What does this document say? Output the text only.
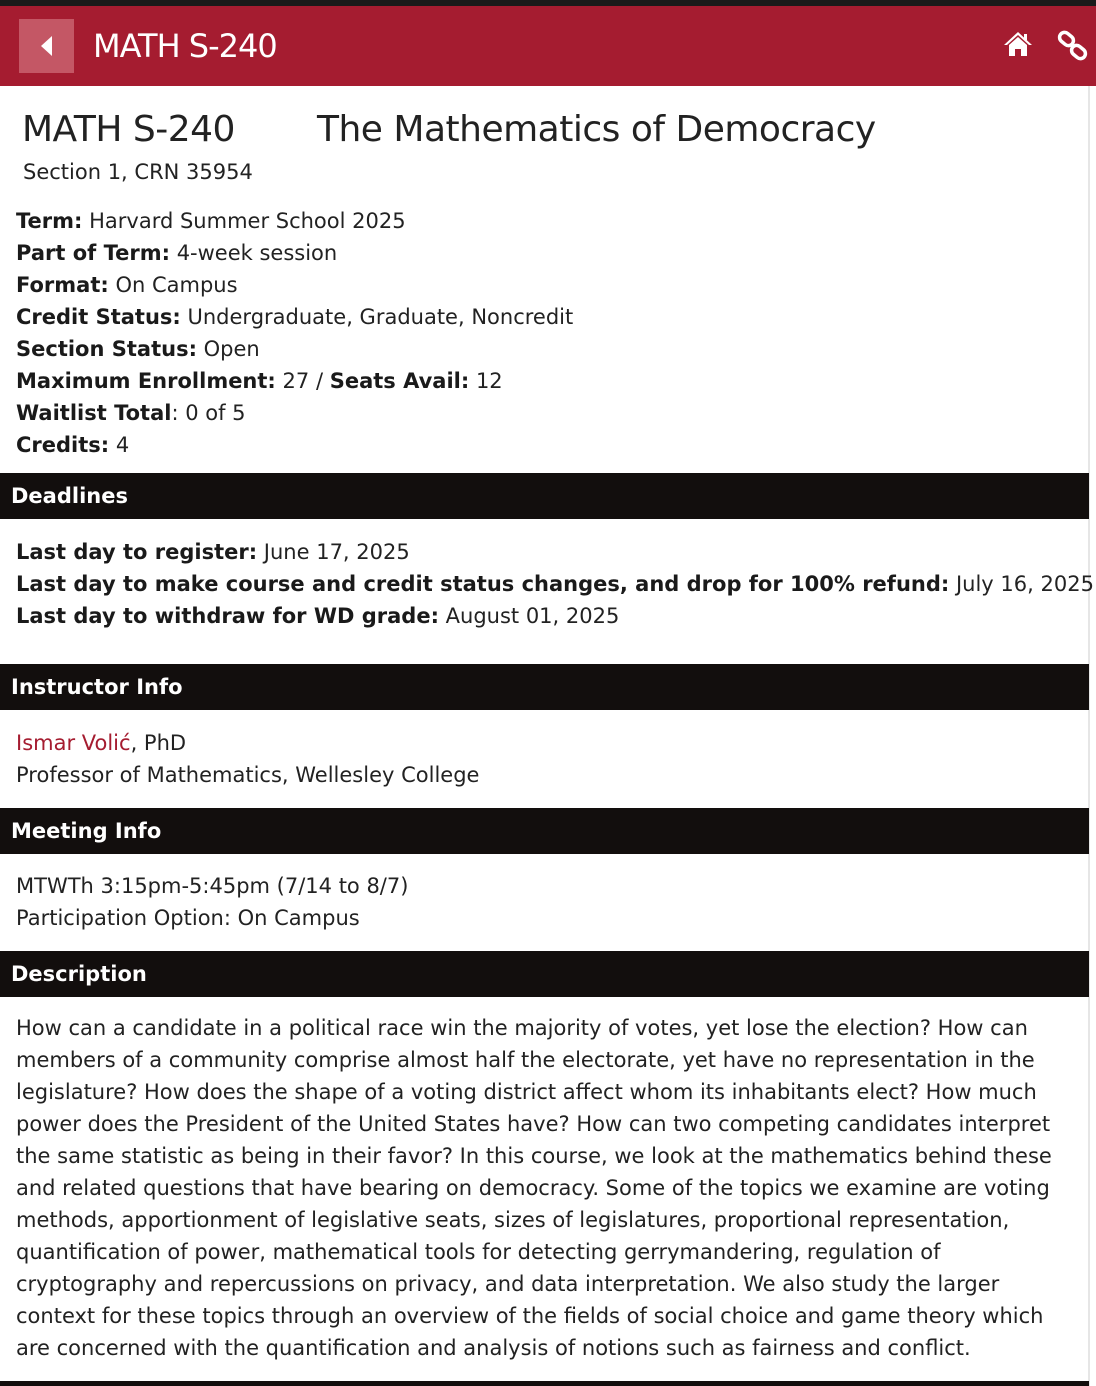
MATH S-240
MATH S-240 The Mathematics of Democracy
Section 1, CRN 35954
Term: Harvard Summer School 2025
Part of Term: 4-week session
Format: On Campus
Credit Status: Undergraduate, Graduate, Noncredit
Section Status: Open
Maximum Enrollment: 27 / Seats Avail: 12
Waitlist Total: 0 of 5
Credits: 4
Deadlines
Last day to register: June 17, 2025
Last day to make course and credit status changes, and drop for 100% refund: July 16, 2025
Last day to withdraw for WD grade: August 01, 2025
Instructor Info
Ismar Volić, PhD
Professor of Mathematics, Wellesley College
Meeting Info
MTWTh 3:15pm-5:45pm (7/14 to 8/7)
Participation Option: On Campus
Description
How can a candidate in a political race win the majority of votes, yet lose the election? How can members of a community comprise almost half the electorate, yet have no representation in the legislature? How does the shape of a voting district affect whom its inhabitants elect? How much power does the President of the United States have? How can two competing candidates interpret the same statistic as being in their favor? In this course, we look at the mathematics behind these and related questions that have bearing on democracy. Some of the topics we examine are voting methods, apportionment of legislative seats, sizes of legislatures, proportional representation, quantification of power, mathematical tools for detecting gerrymandering, regulation of cryptography and repercussions on privacy, and data interpretation. We also study the larger context for these topics through an overview of the fields of social choice and game theory which are concerned with the quantification and analysis of notions such as fairness and conflict.
